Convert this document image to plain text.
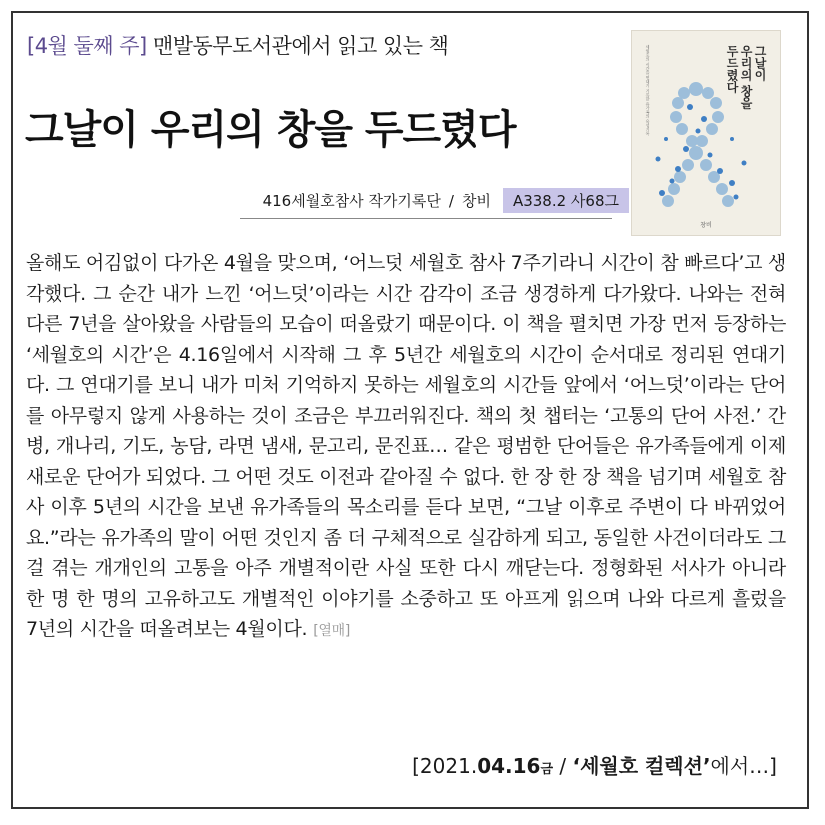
[4월 둘째 주] 맨발동무도서관에서 읽고 있는 책
그날이 우리의 창을 두드렸다
416세월호참사 작가기록단 / 창비	A338.2 사68그
그날이
우리의 창을
두드렸다
세월호의 시간을 연대기 기록한 유가족의 육성기록
창비
올해도 어김없이 다가온 4월을 맞으며, ‘어느덧 세월호 참사 7주기라니 시간이 참 빠르다’고 생각했다. 그 순간 내가 느낀 ‘어느덧’이라는 시간 감각이 조금 생경하게 다가왔다. 나와는 전혀 다른 7년을 살아왔을 사람들의 모습이 떠올랐기 때문이다. 이 책을 펼치면 가장 먼저 등장하는 ‘세월호의 시간’은 4.16일에서 시작해 그 후 5년간 세월호의 시간이 순서대로 정리된 연대기다. 그 연대기를 보니 내가 미처 기억하지 못하는 세월호의 시간들 앞에서 ‘어느덧’이라는 단어를 아무렇지 않게 사용하는 것이 조금은 부끄러워진다. 책의 첫 챕터는 ‘고통의 단어 사전.’ 간병, 개나리, 기도, 농담, 라면 냄새, 문고리, 문진표… 같은 평범한 단어들은 유가족들에게 이제 새로운 단어가 되었다. 그 어떤 것도 이전과 같아질 수 없다. 한 장 한 장 책을 넘기며 세월호 참사 이후 5년의 시간을 보낸 유가족들의 목소리를 듣다 보면, “그날 이후로 주변이 다 바뀌었어요.”라는 유가족의 말이 어떤 것인지 좀 더 구체적으로 실감하게 되고, 동일한 사건이더라도 그걸 겪는 개개인의 고통을 아주 개별적이란 사실 또한 다시 깨닫는다. 정형화된 서사가 아니라 한 명 한 명의 고유하고도 개별적인 이야기를 소중하고 또 아프게 읽으며 나와 다르게 흘렀을 7년의 시간을 떠올려보는 4월이다. [열매]
[2021.04.16금 / ‘세월호 컬렉션’에서…]
